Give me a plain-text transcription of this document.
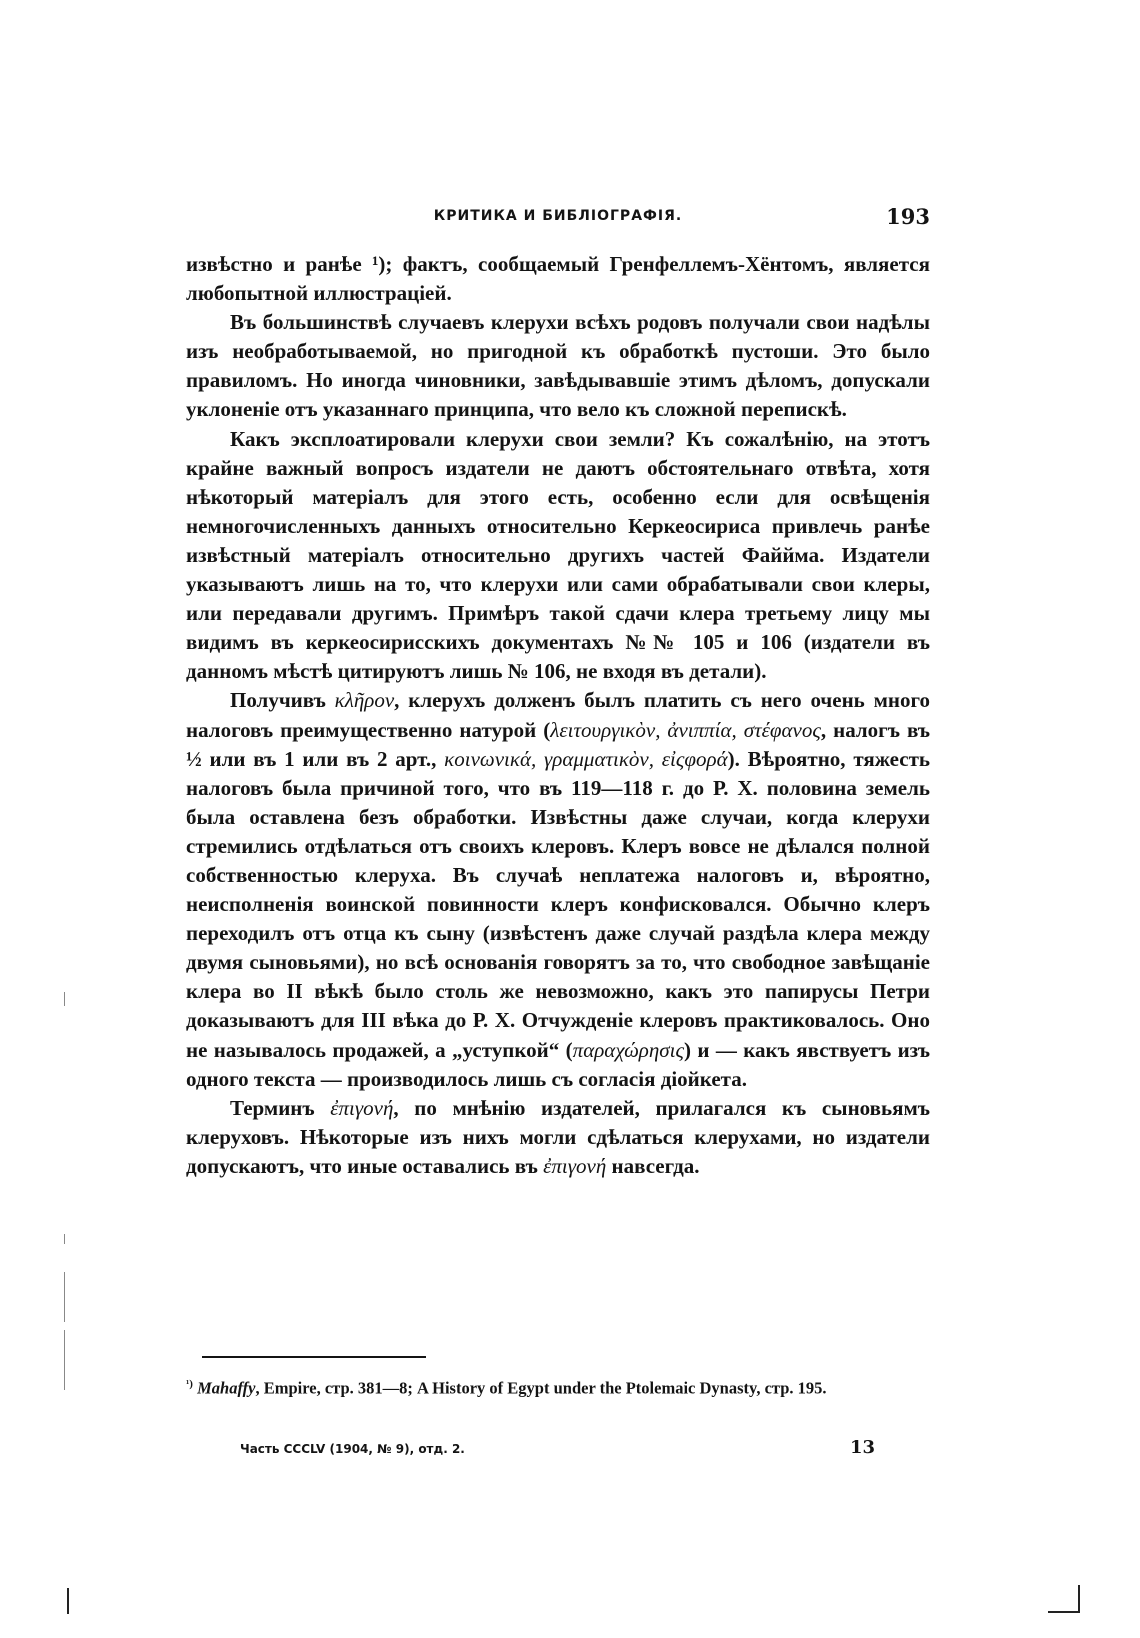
КРИТИКА И БИБЛІОГРАФІЯ.	193

извѣстно и ранѣе ¹); фактъ, сообщаемый Гренфеллемъ-Хёнтомъ, является любопытной иллюстраціей.

Въ большинствѣ случаевъ клерухи всѣхъ родовъ получали свои надѣлы изъ необработываемой, но пригодной къ обработкѣ пустоши. Это было правиломъ. Но иногда чиновники, завѣдывавшіе этимъ дѣломъ, допускали уклоненіе отъ указаннаго принципа, что вело къ сложной перепискѣ.

Какъ эксплоатировали клерухи свои земли? Къ сожалѣнію, на этотъ крайне важный вопросъ издатели не даютъ обстоятельнаго отвѣта, хотя нѣкоторый матеріалъ для этого есть, особенно если для освѣщенія немногочисленныхъ данныхъ относительно Керкеосириса привлечь ранѣе извѣстный матеріалъ относительно другихъ частей Файйма. Издатели указываютъ лишь на то, что клерухи или сами обрабатывали свои клеры, или передавали другимъ. Примѣръ такой сдачи клера третьему лицу мы видимъ въ керкеосирисскихъ документахъ №№ 105 и 106 (издатели въ данномъ мѣстѣ цитируютъ лишь № 106, не входя въ детали).

Получивъ κλῆρον, клерухъ долженъ былъ платить съ него очень много налоговъ преимущественно натурой (λειτουργικὸν, ἀνιππία, στέφανος, налогъ въ ½ или въ 1 или въ 2 арт., κοινωνικά, γραμματικὸν, εἰςφορά). Вѣроятно, тяжесть налоговъ была причиной того, что въ 119—118 г. до Р. Х. половина земель была оставлена безъ обработки. Извѣстны даже случаи, когда клерухи стремились отдѣлаться отъ своихъ клеровъ. Клеръ вовсе не дѣлался полной собственностью клеруха. Въ случаѣ неплатежа налоговъ и, вѣроятно, неисполненія воинской повинности клеръ конфисковался. Обычно клеръ переходилъ отъ отца къ сыну (извѣстенъ даже случай раздѣла клера между двумя сыновьями), но всѣ основанія говорятъ за то, что свободное завѣщаніе клера во II вѣкѣ было столь же невозможно, какъ это папирусы Петри доказываютъ для III вѣка до Р. Х. Отчужденіе клеровъ практиковалось. Оно не называлось продажей, а „уступкой“ (παραχώρησις) и — какъ явствуетъ изъ одного текста — производилось лишь съ согласія діойкета.

Терминъ ἐπιγονή, по мнѣнію издателей, прилагался къ сыновьямъ клеруховъ. Нѣкоторые изъ нихъ могли сдѣлаться клерухами, но издатели допускаютъ, что иные оставались въ ἐπιγονή навсегда.

$^{^1)}$ Mahaffy, Empire, стр. 381—8; A History of Egypt under the Ptolemaic Dynasty, стр. 195.
Часть CCCLV (1904, № 9), отд. 2.	13
